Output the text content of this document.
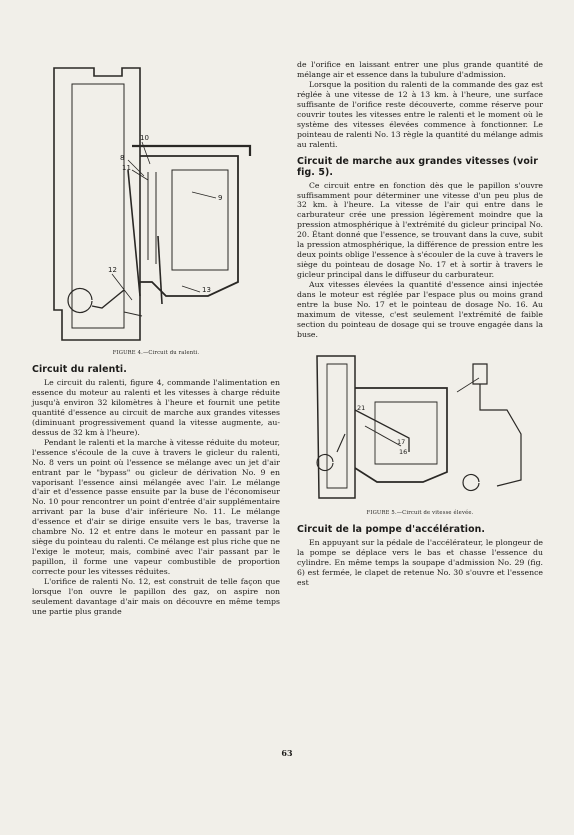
10
8
11
9
12
13
FIGURE 4.—Circuit du ralenti.
Circuit du ralenti.

Le circuit du ralenti, figure 4, commande l'alimentation en essence du moteur au ralenti et les vitesses à charge réduite jusqu'à environ 32 kilomètres à l'heure et fournit une petite quantité d'essence au circuit de marche aux grandes vitesses (diminuant progressivement quand la vitesse augmente, au-dessus de 32 km à l'heure).

Pendant le ralenti et la marche à vitesse réduite du moteur, l'essence s'écoule de la cuve à travers le gicleur du ralenti, No. 8 vers un point où l'essence se mélange avec un jet d'air entrant par le "bypass" ou gicleur de dérivation No. 9 en vaporisant l'essence ainsi mélangée avec l'air. Le mélange d'air et d'essence passe ensuite par la buse de l'économiseur No. 10 pour rencontrer un point d'entrée d'air supplémentaire arrivant par la buse d'air inférieure No. 11. Le mélange d'essence et d'air se dirige ensuite vers le bas, traverse la chambre No. 12 et entre dans le moteur en passant par le siège du pointeau du ralenti. Ce mélange est plus riche que ne l'exige le moteur, mais, combiné avec l'air passant par le papillon, il forme une vapeur combustible de proportion correcte pour les vitesses réduites.

L'orifice de ralenti No. 12, est construit de telle façon que lorsque l'on ouvre le papillon des gaz, on aspire non seulement davantage d'air mais on découvre en même temps une partie plus grande

de l'orifice en laissant entrer une plus grande quantité de mélange air et essence dans la tubulure d'admission.

Lorsque la position du ralenti de la commande des gaz est réglée à une vitesse de 12 à 13 km. à l'heure, une surface suffisante de l'orifice reste découverte, comme réserve pour couvrir toutes les vitesses entre le ralenti et le moment où le système des vitesses élevées commence à fonctionner. Le pointeau de ralenti No. 13 règle la quantité du mélange admis au ralenti.

Circuit de marche aux grandes vitesses (voir fig. 5).

Ce circuit entre en fonction dès que le papillon s'ouvre suffisamment pour déterminer une vitesse d'un peu plus de 32 km. à l'heure. La vitesse de l'air qui entre dans le carburateur crée une pression légèrement moindre que la pression atmosphérique à l'extrémité du gicleur principal No. 20. Étant donné que l'essence, se trouvant dans la cuve, subit la pression atmosphérique, la différence de pression entre les deux points oblige l'essence à s'écouler de la cuve à travers le siège du pointeau de dosage No. 17 et à sortir à travers le gicleur principal dans le diffuseur du carburateur.

Aux vitesses élevées la quantité d'essence ainsi injectée dans le moteur est réglée par l'espace plus ou moins grand entre la buse No. 17 et le pointeau de dosage No. 16. Au maximum de vitesse, c'est seulement l'extrémité de faible section du pointeau de dosage qui se trouve engagée dans la buse.

21
17
16
FIGURE 5.—Circuit de vitesse élevée.
Circuit de la pompe d'accélération.

En appuyant sur la pédale de l'accélérateur, le plongeur de la pompe se déplace vers le bas et chasse l'essence du cylindre. En même temps la soupape d'admission No. 29 (fig. 6) est fermée, le clapet de retenue No. 30 s'ouvre et l'essence est

63
